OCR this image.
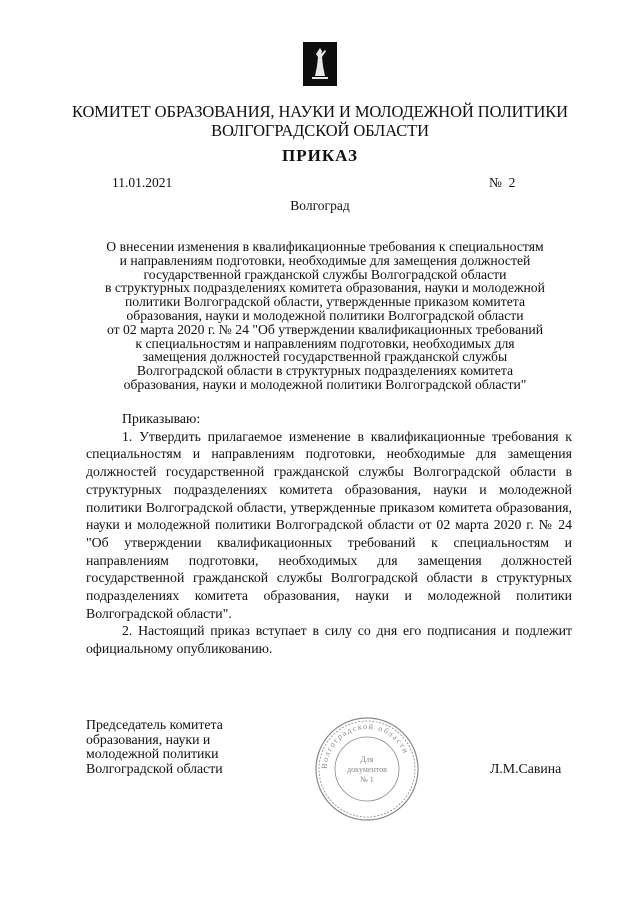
КОМИТЕТ ОБРАЗОВАНИЯ, НАУКИ И МОЛОДЕЖНОЙ ПОЛИТИКИ
ВОЛГОГРАДСКОЙ ОБЛАСТИ
ПРИКАЗ
11.01.2021	№ 2
Волгоград
О внесении изменения в квалификационные требования к специальностям
и направлениям подготовки, необходимые для замещения должностей
государственной гражданской службы Волгоградской области
в структурных подразделениях комитета образования, науки и молодежной
политики Волгоградской области, утвержденные приказом комитета
образования, науки и молодежной политики Волгоградской области
от 02 марта 2020 г. № 24 "Об утверждении квалификационных требований
к специальностям и направлениям подготовки, необходимых для
замещения должностей государственной гражданской службы
Волгоградской области в структурных подразделениях комитета
образования, науки и молодежной политики Волгоградской области"
Приказываю:

1. Утвердить прилагаемое изменение в квалификационные требования к специальностям и направлениям подготовки, необходимые для замещения должностей государственной гражданской службы Волгоградской области в структурных подразделениях комитета образования, науки и молодежной политики Волгоградской области, утвержденные приказом комитета образования, науки и молодежной политики Волгоградской области от 02 марта 2020 г. № 24 "Об утверждении квалификационных требований к специальностям и направлениям подготовки, необходимых для замещения должностей государственной гражданской службы Волгоградской области в структурных подразделениях комитета образования, науки и молодежной политики Волгоградской области".

2. Настоящий приказ вступает в силу со дня его подписания и подлежит официальному опубликованию.

Председатель комитета
образования, науки и
молодежной политики
Волгоградской области	Волгоградской области
Для
документов
№ 1
Л.М.Савина
